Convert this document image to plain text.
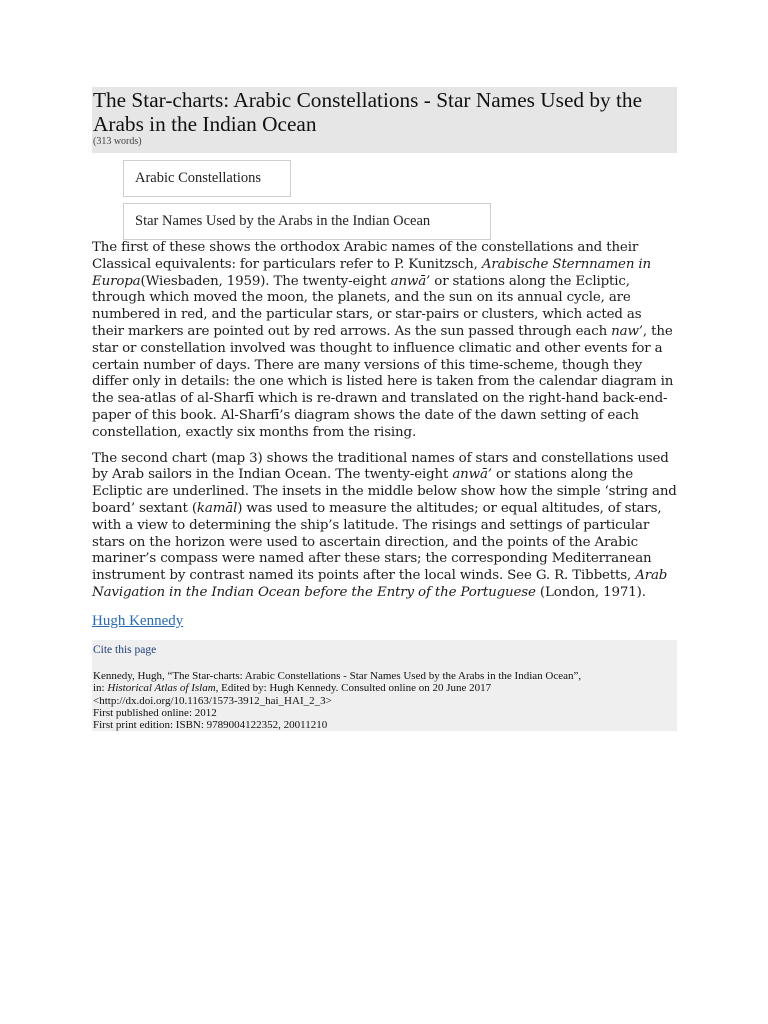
The Star-charts: Arabic Constellations - Star Names Used by the Arabs in the Indian Ocean
(313 words)
Arabic Constellations
Star Names Used by the Arabs in the Indian Ocean

The first of these shows the orthodox Arabic names of the constellations and their Classical equivalents: for particulars refer to P. Kunitzsch, Arabische Sternnamen in Europa(Wiesbaden, 1959). The twenty-eight anwā’ or stations along the Ecliptic, through which moved the moon, the planets, and the sun on its annual cycle, are numbered in red, and the particular stars, or star-pairs or clusters, which acted as their markers are pointed out by red arrows. As the sun passed through each naw’, the star or constellation involved was thought to influence climatic and other events for a certain number of days. There are many versions of this time-scheme, though they differ only in details: the one which is listed here is taken from the calendar diagram in the sea-atlas of al-Sharfī which is re-drawn and translated on the right-hand back-end-paper of this book. Al-Sharfī’s diagram shows the date of the dawn setting of each constellation, exactly six months from the rising.

The second chart (map 3) shows the traditional names of stars and constellations used by Arab sailors in the Indian Ocean. The twenty-eight anwā’ or stations along the Ecliptic are underlined. The insets in the middle below show how the simple ‘string and board’ sextant (kamāl) was used to measure the altitudes; or equal altitudes, of stars, with a view to determining the ship’s latitude. The risings and settings of particular stars on the horizon were used to ascertain direction, and the points of the Arabic mariner’s compass were named after these stars; the corresponding Mediterranean instrument by contrast named its points after the local winds. See G. R. Tibbetts, Arab Navigation in the Indian Ocean before the Entry of the Portuguese (London, 1971).

Hugh Kennedy
Cite this page
Kennedy, Hugh, “The Star-charts: Arabic Constellations - Star Names Used by the Arabs in the Indian Ocean”,
in: Historical Atlas of Islam, Edited by: Hugh Kennedy. Consulted online on 20 June 2017
<http://dx.doi.org/10.1163/1573-3912_hai_HAI_2_3>
First published online: 2012
First print edition: ISBN: 9789004122352, 20011210
